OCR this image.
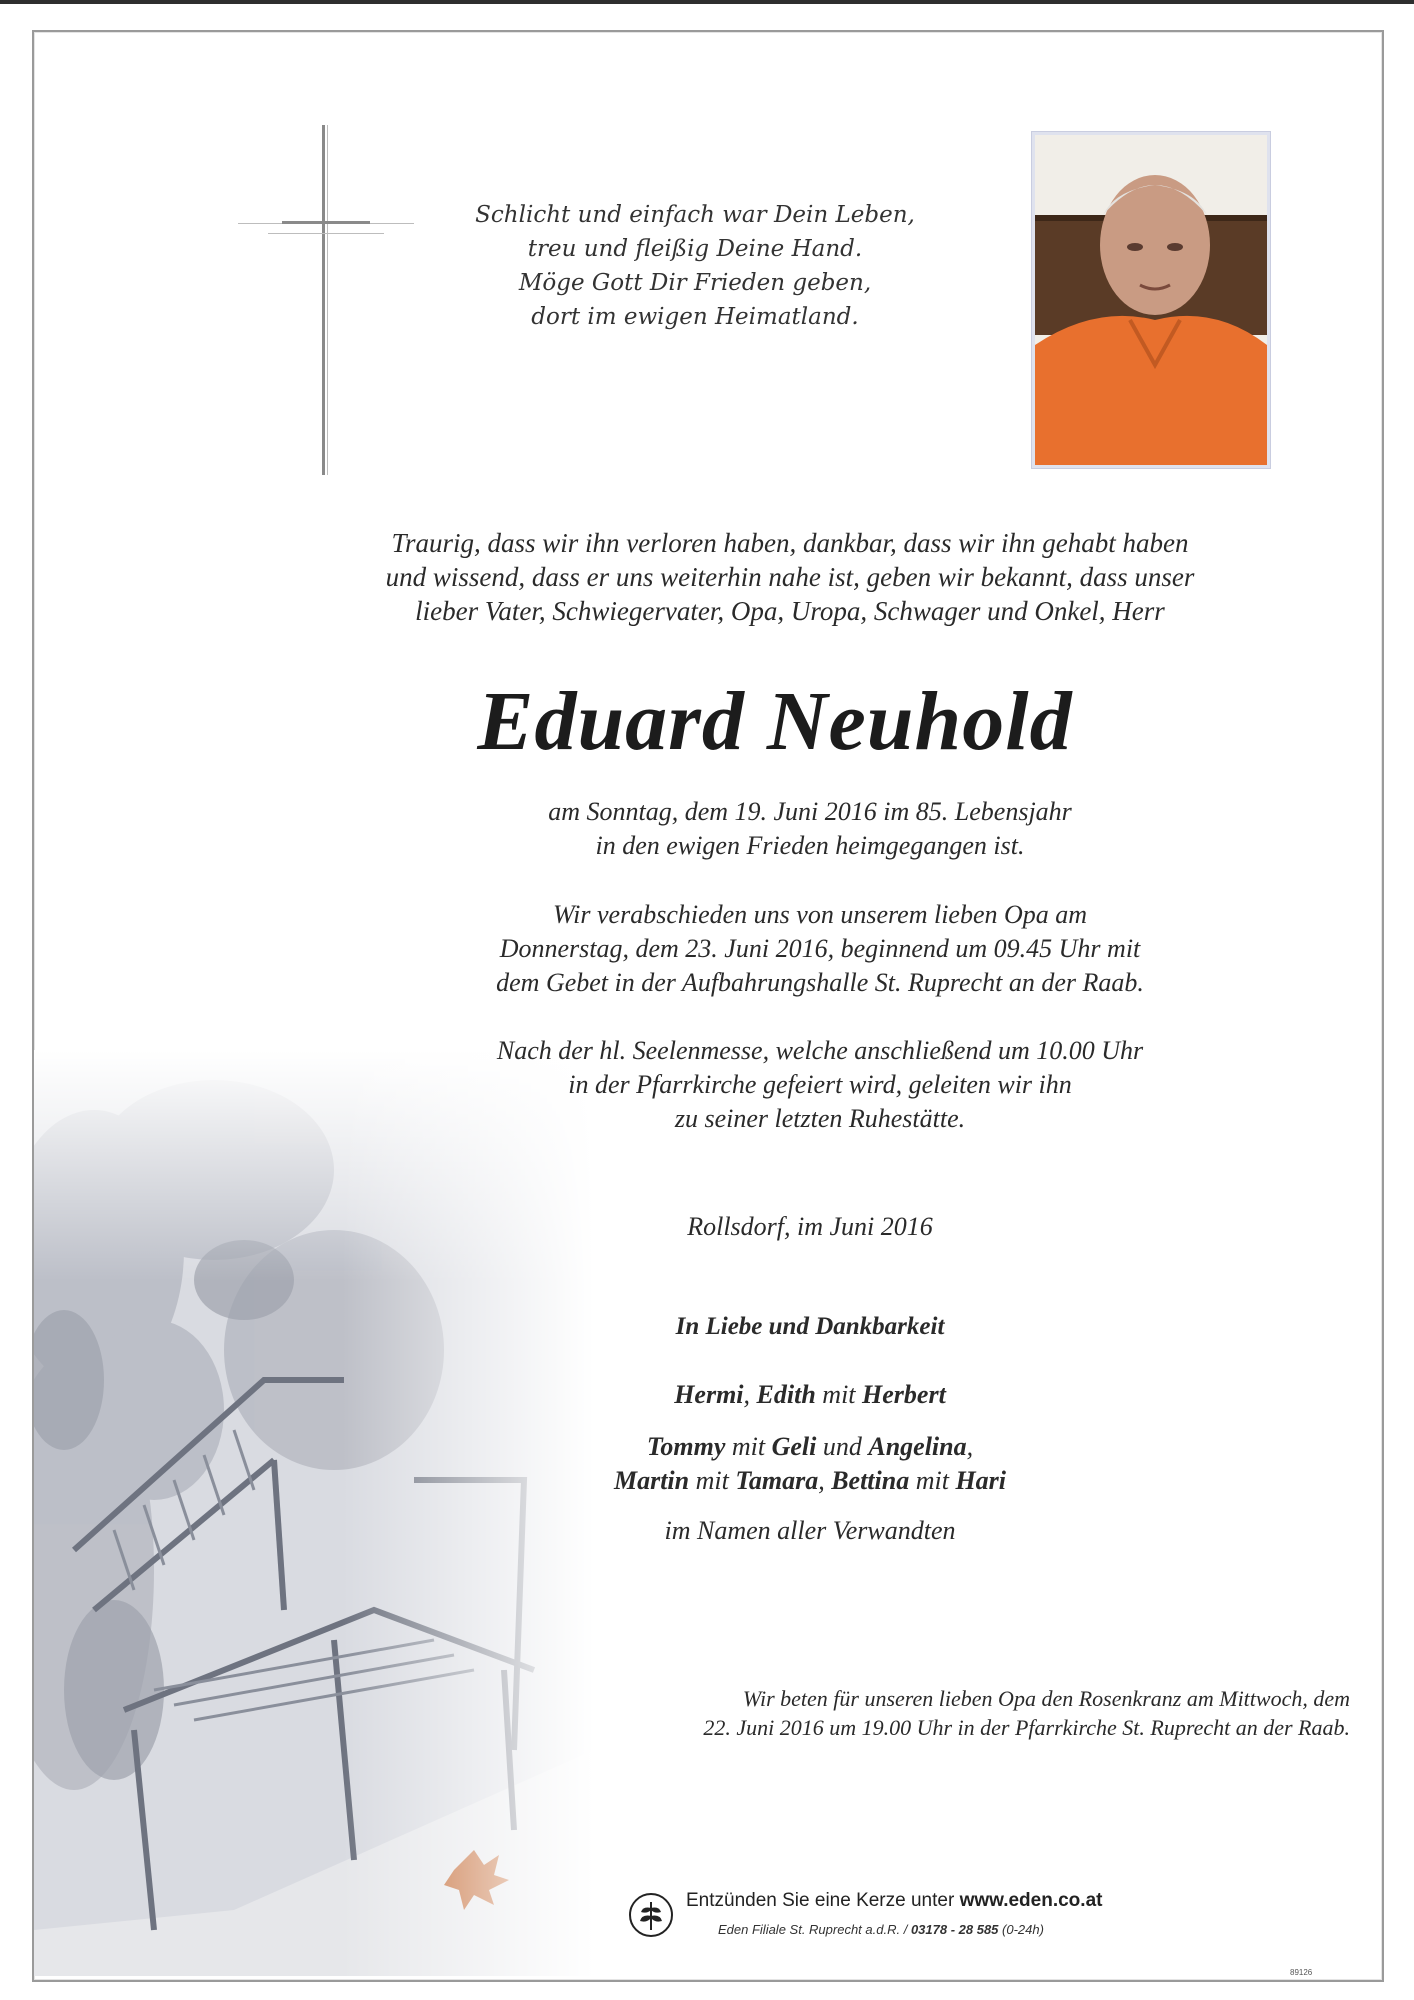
Schlicht und einfach war Dein Leben,
treu und fleißig Deine Hand.
Möge Gott Dir Frieden geben,
dort im ewigen Heimatland.
Traurig, dass wir ihn verloren haben, dankbar, dass wir ihn gehabt haben
und wissend, dass er uns weiterhin nahe ist, geben wir bekannt, dass unser
lieber Vater, Schwiegervater, Opa, Uropa, Schwager und Onkel, Herr
Eduard Neuhold
am Sonntag, dem 19. Juni 2016 im 85. Lebensjahr
in den ewigen Frieden heimgegangen ist.
Wir verabschieden uns von unserem lieben Opa am
Donnerstag, dem 23. Juni 2016, beginnend um 09.45 Uhr mit
dem Gebet in der Aufbahrungshalle St. Ruprecht an der Raab.
Nach der hl. Seelenmesse, welche anschließend um 10.00 Uhr
in der Pfarrkirche gefeiert wird, geleiten wir ihn
zu seiner letzten Ruhestätte.
Rollsdorf, im Juni 2016
In Liebe und Dankbarkeit
Hermi, Edith mit Herbert
Tommy mit Geli und Angelina,
Martin mit Tamara, Bettina mit Hari
im Namen aller Verwandten
Wir beten für unseren lieben Opa den Rosenkranz am Mittwoch, dem
22. Juni 2016 um 19.00 Uhr in der Pfarrkirche St. Ruprecht an der Raab.
Entzünden Sie eine Kerze unter www.eden.co.at
Eden Filiale St. Ruprecht a.d.R. / 03178 - 28 585 (0-24h)
89126
